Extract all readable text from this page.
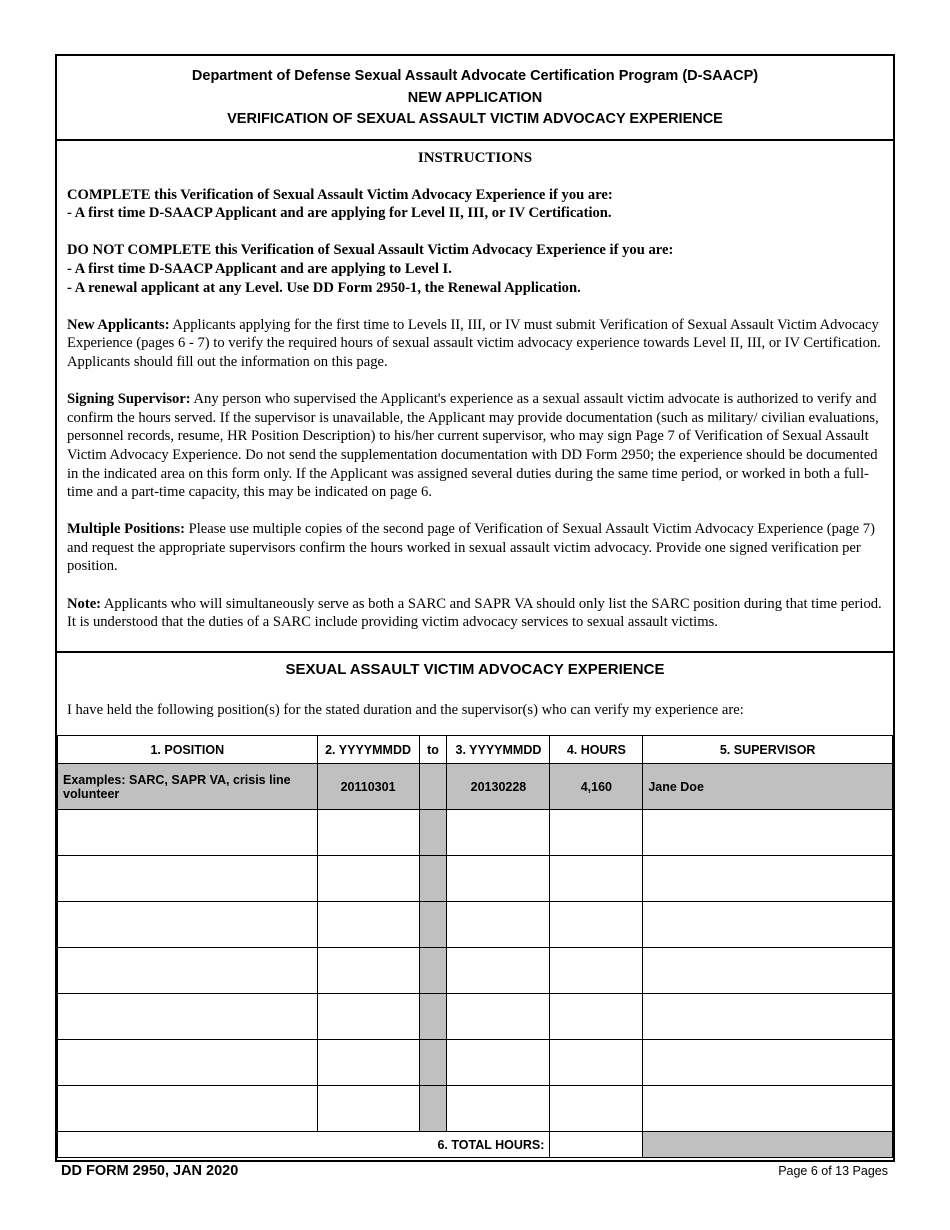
Department of Defense Sexual Assault Advocate Certification Program (D-SAACP)
NEW APPLICATION
VERIFICATION OF SEXUAL ASSAULT VICTIM ADVOCACY EXPERIENCE
INSTRUCTIONS

COMPLETE this Verification of Sexual Assault Victim Advocacy Experience if you are:
- A first time D-SAACP Applicant and are applying for Level II, III, or IV Certification.

DO NOT COMPLETE this Verification of Sexual Assault Victim Advocacy Experience if you are:
- A first time D-SAACP Applicant and are applying to Level I.
- A renewal applicant at any Level. Use DD Form 2950-1, the Renewal Application.

New Applicants: Applicants applying for the first time to Levels II, III, or IV must submit Verification of Sexual Assault Victim Advocacy Experience (pages 6 - 7) to verify the required hours of sexual assault victim advocacy experience towards Level II, III, or IV Certification. Applicants should fill out the information on this page.

Signing Supervisor: Any person who supervised the Applicant's experience as a sexual assault victim advocate is authorized to verify and confirm the hours served. If the supervisor is unavailable, the Applicant may provide documentation (such as military/ civilian evaluations, personnel records, resume, HR Position Description) to his/her current supervisor, who may sign Page 7 of Verification of Sexual Assault Victim Advocacy Experience. Do not send the supplementation documentation with DD Form 2950; the experience should be documented in the indicated area on this form only. If the Applicant was assigned several duties during the same time period, or worked in both a full-time and a part-time capacity, this may be indicated on page 6.

Multiple Positions: Please use multiple copies of the second page of Verification of Sexual Assault Victim Advocacy Experience (page 7) and request the appropriate supervisors confirm the hours worked in sexual assault victim advocacy. Provide one signed verification per position.

Note: Applicants who will simultaneously serve as both a SARC and SAPR VA should only list the SARC position during that time period. It is understood that the duties of a SARC include providing victim advocacy services to sexual assault victims.

SEXUAL ASSAULT VICTIM ADVOCACY EXPERIENCE
I have held the following position(s) for the stated duration and the supervisor(s) who can verify my experience are:
1. POSITION	2. YYYYMMDD	to	3. YYYYMMDD	4. HOURS	5. SUPERVISOR
Examples: SARC, SAPR VA, crisis line volunteer	20110301		20130228	4,160	Jane Doe

6. TOTAL HOURS:					
DD FORM 2950, JAN 2020	Page 6 of 13 Pages
